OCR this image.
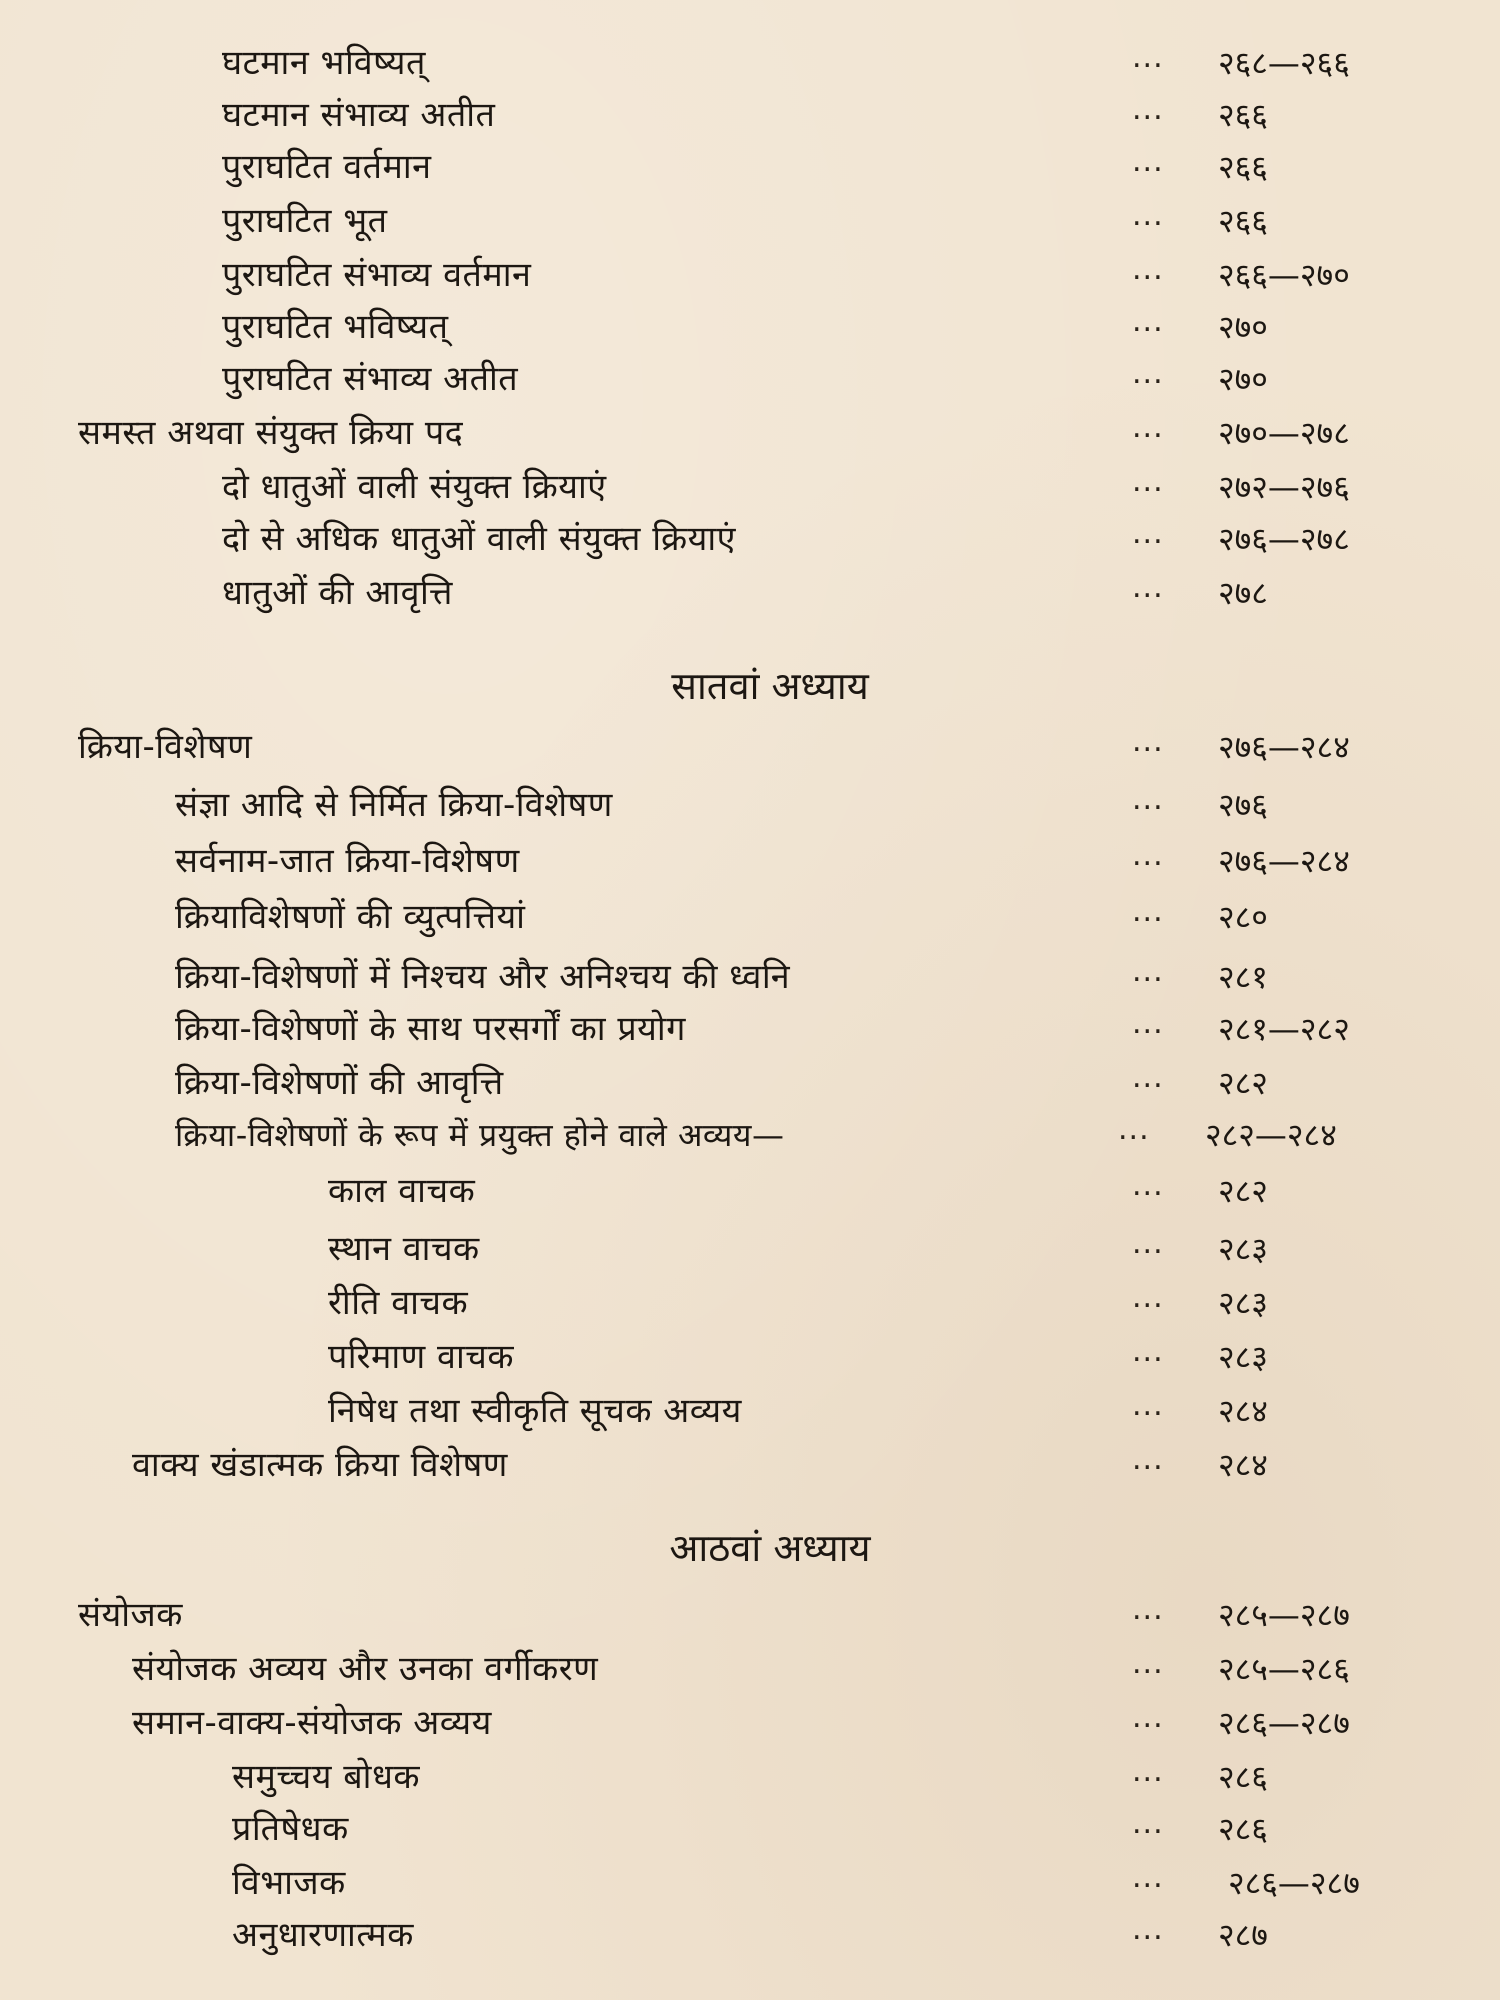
घटमान भविष्यत्	...	२६८—२६६
घटमान संभाव्य अतीत	...	२६६
पुराघटित वर्तमान	...	२६६
पुराघटित भूत	...	२६६
पुराघटित संभाव्य वर्तमान	...	२६६—२७०
पुराघटित भविष्यत्	...	२७०
पुराघटित संभाव्य अतीत	...	२७०
समस्त अथवा संयुक्त क्रिया पद	...	२७०—२७८
दो धातुओं वाली संयुक्त क्रियाएं	...	२७२—२७६
दो से अधिक धातुओं वाली संयुक्त क्रियाएं	...	२७६—२७८
धातुओं की आवृत्ति	...	२७८
सातवां अध्याय
क्रिया-विशेषण	...	२७६—२८४
संज्ञा आदि से निर्मित क्रिया-विशेषण	...	२७६
सर्वनाम-जात क्रिया-विशेषण	...	२७६—२८४
क्रियाविशेषणों की व्युत्पत्तियां	...	२८०
क्रिया-विशेषणों में निश्चय और अनिश्चय की ध्वनि	...	२८१
क्रिया-विशेषणों के साथ परसर्गों का प्रयोग	...	२८१—२८२
क्रिया-विशेषणों की आवृत्ति	...	२८२
क्रिया-विशेषणों के रूप में प्रयुक्त होने वाले अव्यय—	...	२८२—२८४
काल वाचक	...	२८२
स्थान वाचक	...	२८३
रीति वाचक	...	२८३
परिमाण वाचक	...	२८३
निषेध तथा स्वीकृति सूचक अव्यय	...	२८४
वाक्य खंडात्मक क्रिया विशेषण	...	२८४
आठवां अध्याय
संयोजक	...	२८५—२८७
संयोजक अव्यय और उनका वर्गीकरण	...	२८५—२८६
समान-वाक्य-संयोजक अव्यय	...	२८६—२८७
समुच्चय बोधक	...	२८६
प्रतिषेधक	...	२८६
विभाजक	...	२८६—२८७
अनुधारणात्मक	...	२८७
